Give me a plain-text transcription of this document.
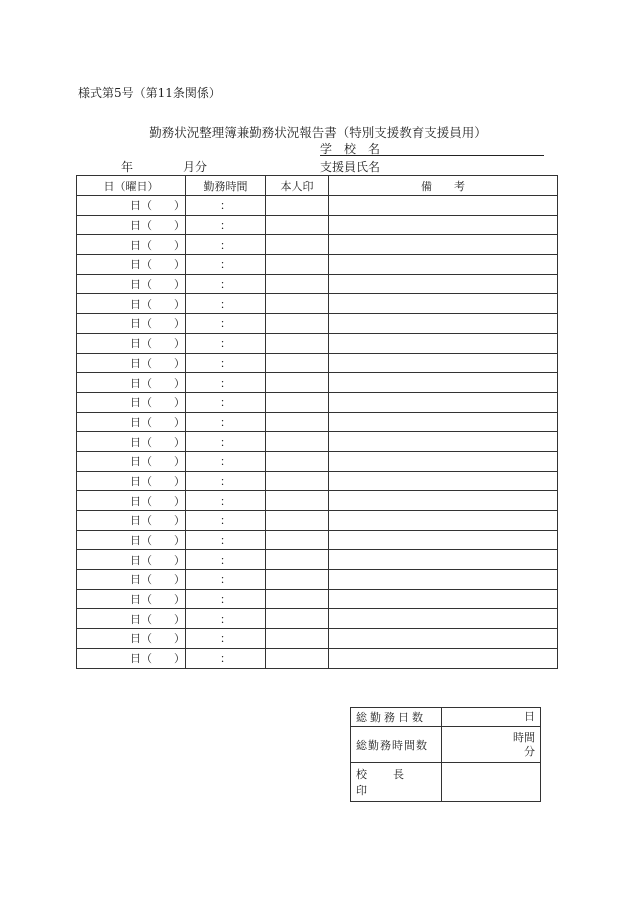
様式第5号（第11条関係）
勤務状況整理簿兼勤務状況報告書（特別支援教育支援員用）
学校名
年	月分	支援員氏名
日（曜日）	勤務時間	本人印	備　　考
日（　　）	：		
日（　　）	：		
日（　　）	：		
日（　　）	：		
日（　　）	：		
日（　　）	：		
日（　　）	：		
日（　　）	：		
日（　　）	：		
日（　　）	：		
日（　　）	：		
日（　　）	：		
日（　　）	：		
日（　　）	：		
日（　　）	：		
日（　　）	：		
日（　　）	：		
日（　　）	：		
日（　　）	：		
日（　　）	：		
日（　　）	：		
日（　　）	：		
日（　　）	：		
日（　　）	：		
総勤務日数	日
総勤務時間数	時間
分

校長印	
